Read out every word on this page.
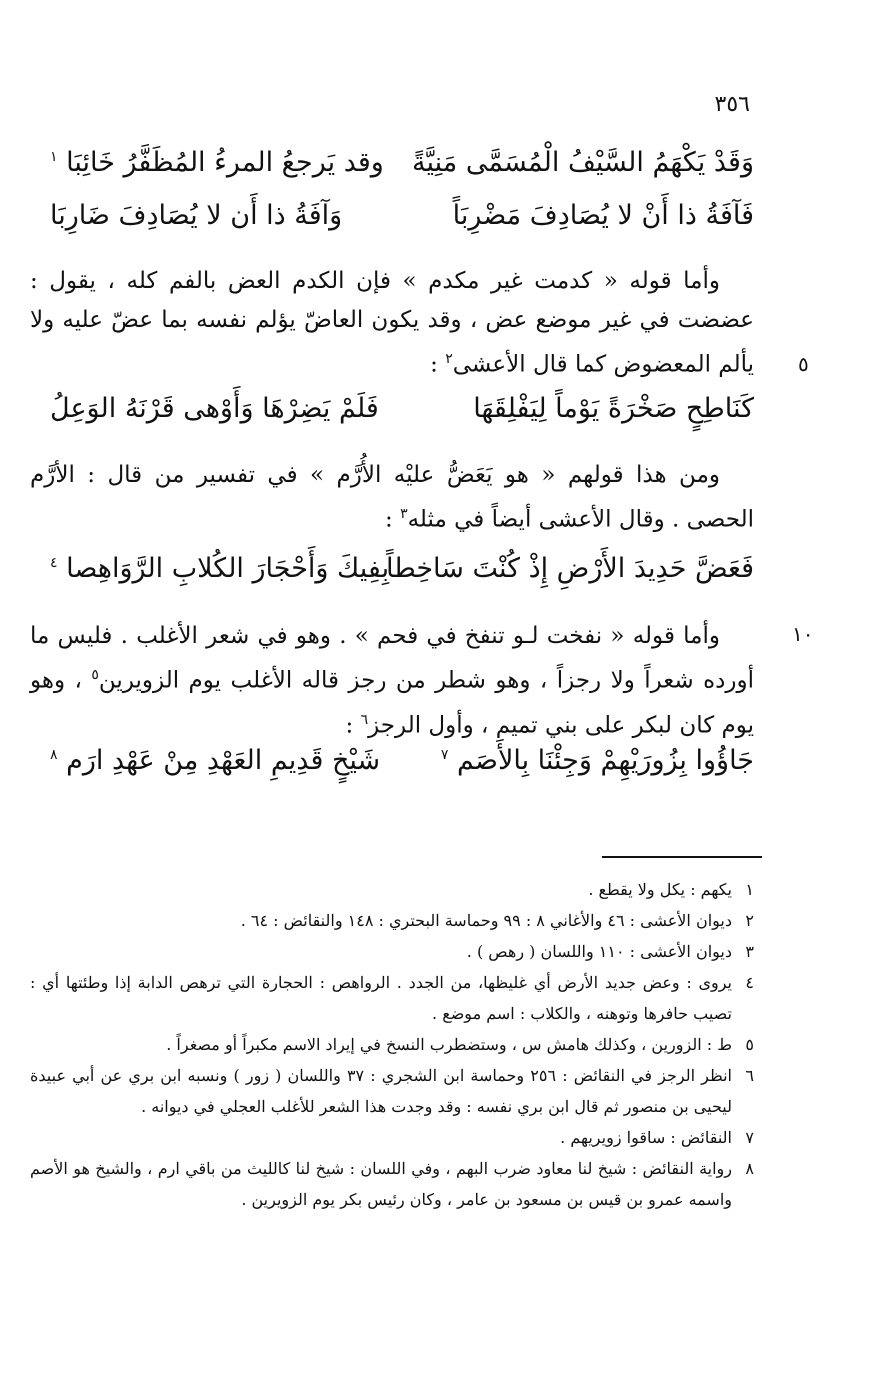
٣٥٦
وَقَدْ يَكْهَمُ السَّيْفُ الْمُسَمَّى مَنِيَّةً
وقد يَرجعُ المرءُ المُظَفَّرُ خَائِبَا $^١$
فَآفَةُ ذا أَنْ لا يُصَادِفَ مَضْرِبَاً
وَآفَةُ ذا أَن لا يُصَادِفَ ضَارِبَا

وأما قوله « كدمت غير مكدم » فإن الكدم العض بالفم كله ، يقول : عضضت في غير موضع عض ، وقد يكون العاضّ يؤلم نفسه بما عضّ عليه ولا يألم المعضوض كما قال الأعشى$^٢$ :	٥
كَنَاطِحٍ صَخْرَةً يَوْماً لِيَفْلِقَهَا
فَلَمْ يَضِرْهَا وَأَوْهى قَرْنَهُ الوَعِلُ

ومن هذا قولهم « هو يَعَضُّ عليْه الأُرَّم » في تفسير من قال : الأرَّم الحصى . وقال الأعشى أيضاً في مثله$^٣$ :

فَعَضَّ حَدِيدَ الأَرْضِ إِذْ كُنْتَ سَاخِطاً
بِفِيكَ وَأَحْجَارَ الكُلابِ الرَّوَاهِصا $^٤$
١٠

وأما قوله « نفخت لـو تنفخ في فحم » . وهو في شعر الأغلب . فليس ما أورده شعراً ولا رجزاً ، وهو شطر من رجز قاله الأغلب يوم الزويرين$^٥$ ، وهو يوم كان لبكر على بني تميم ، وأول الرجز$^٦$ :

جَاؤُوا بِزُورَيْهِمْ وَجِئْنَا بِالأَصَم $^٧$
شَيْخٍ قَدِيمِ العَهْدِ مِنْ عَهْدِ ارَم $^٨$
١
يكهم : يكل ولا يقطع .
٢
ديوان الأعشى : ٤٦ والأغاني ٨ : ٩٩ وحماسة البحتري : ١٤٨ والنقائض : ٦٤ .
٣
ديوان الأعشى : ١١٠ واللسان ( رهص ) .
٤
يروى : وعض جديد الأرض أي غليظها، من الجدد . الرواهص : الحجارة التي ترهص الدابة إذا وطئتها أي : تصيب حافرها وتوهنه ، والكلاب : اسم موضع .
٥
ط : الزورين ، وكذلك هامش س ، وستضطرب النسخ في إيراد الاسم مكبراً أو مصغراً .
٦
انظر الرجز في النقائض : ٢٥٦ وحماسة ابن الشجري : ٣٧ واللسان ( زور ) ونسبه ابن بري عن أبي عبيدة ليحيى بن منصور ثم قال ابن بري نفسه : وقد وجدت هذا الشعر للأغلب العجلي في ديوانه .
٧
النقائض : ساقوا زويريهم .
٨
رواية النقائض : شيخ لنا معاود ضرب البهم ، وفي اللسان : شيخ لنا كالليث من باقي ارم ، والشيخ هو الأصم واسمه عمرو بن قيس بن مسعود بن عامر ، وكان رئيس بكر يوم الزويرين .
